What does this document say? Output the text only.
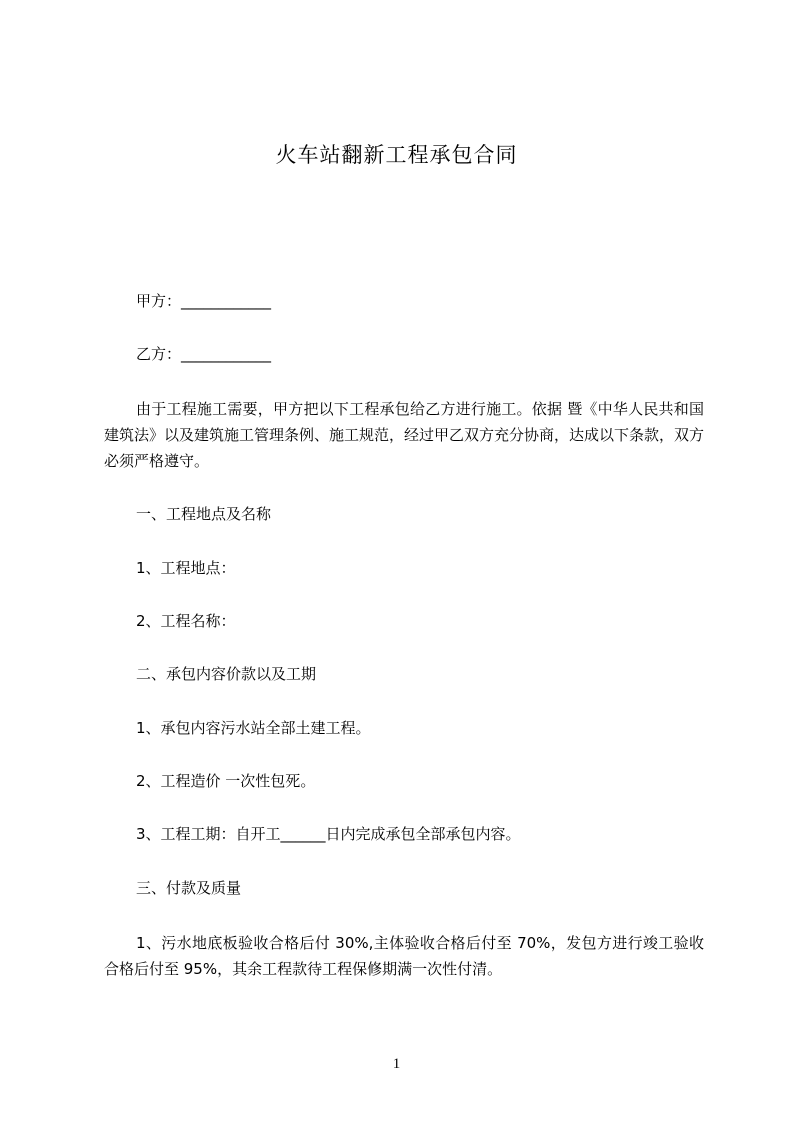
火车站翻新工程承包合同
甲方：____________
乙方：____________
由于工程施工需要，甲方把以下工程承包给乙方进行施工。依据 暨《中华人民共和国建筑法》以及建筑施工管理条例、施工规范，经过甲乙双方充分协商，达成以下条款，双方必须严格遵守。
一、工程地点及名称
1、工程地点：
2、工程名称：
二、承包内容价款以及工期
1、承包内容污水站全部土建工程。
2、工程造价 一次性包死。
3、工程工期：自开工______日内完成承包全部承包内容。
三、付款及质量
1、污水地底板验收合格后付 30%,主体验收合格后付至 70%，发包方进行竣工验收合格后付至 95%，其余工程款待工程保修期满一次性付清。
1
